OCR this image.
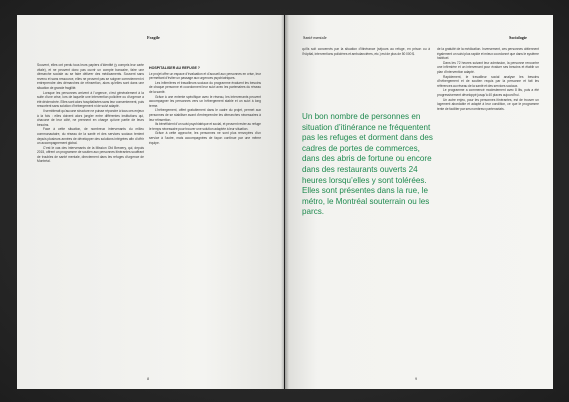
Fragile

Souvent, elles ont perdu tous leurs papiers d’identité (y compris leur carte vitale), et ne peuvent donc pas ouvrir un compte bancaire, faire une démarche sociale ou se faire délivrer des médicaments. Souvent sans revenu et sans ressource, elles ne peuvent pas se soigner correctement ni entreprendre des démarches de réinsertion, alors qu’elles sont dans une situation de grande fragilité.

Lorsque les personnes arrivent à l’urgence, c’est généralement à la suite d’une crise, lors de laquelle une intervention policière ou d’urgence a été déclenchée. Elles sont alors hospitalisées sans leur consentement, puis ressortent sans solution d’hébergement ni de suivi adapté.

Il semblerait qu’aucune structure ne puisse répondre à tous ces enjeux à la fois : elles doivent alors jongler entre différentes institutions qui, chacune de leur côté, ne prennent en charge qu’une partie de leurs besoins.

Face à cette situation, de nombreux intervenants du milieu communautaire, du réseau de la santé et des services sociaux tentent depuis plusieurs années de développer des solutions intégrées afin d’offrir un accompagnement global.

C’est le cas des intervenants de la Mission Old Brewery, qui, depuis 2015, offrent un programme de soutien aux personnes itinérantes souffrant de troubles de santé mentale, directement dans les refuges d’urgence de Montréal.

HOSPITALISER AU REFUGE ?

Le projet offre un espace d’évaluation et d’accueil aux personnes en crise, leur permettant d’éviter un passage aux urgences psychiatriques.

Les infirmières et travailleurs sociaux du programme évaluent les besoins de chaque personne et coordonnent leur suivi avec les partenaires du réseau de la santé.

Grâce à une entente spécifique avec le réseau, les intervenants peuvent accompagner les personnes vers un hébergement stable et un suivi à long terme.

L’hébergement, offert gratuitement dans le cadre du projet, permet aux personnes de se stabiliser avant d’entreprendre les démarches nécessaires à leur réinsertion.

Ils bénéficient d’un suivi psychiatrique et social, et peuvent rester au refuge le temps nécessaire pour trouver une solution adaptée à leur situation.

Grâce à cette approche, les personnes ne sont plus renvoyées d’un service à l’autre, mais accompagnées de façon continue par une même équipe.

8
Santé mentale	Sociologie

qu’ils soit concernés par la situation d’itinérance (séjours au refuge, en prison ou à l’hôpital, interventions policières et ambulancières, etc.) est de plus de 50 000 $.

Un bon nombre de personnes en situation d’itinérance ne fréquentent pas les refuges et dorment dans des cadres de portes de commerces, dans des abris de fortune ou encore dans des restaurants ouverts 24 heures lorsqu’elles y sont tolérées. Elles sont présentes dans la rue, le métro, le Montréal souterrain ou les parcs.

de la gratuité de la médication. Inversement, ces personnes obtiennent également un suivi plus rapide et mieux coordonné que dans le système habituel.

Dans les 72 heures suivant leur admission, la personne rencontre une infirmière et un intervenant pour évaluer ses besoins et établir un plan d’intervention adapté.

Rapidement, le travailleur social analyse les besoins d’hébergement et de soutien requis par la personne et fait les références au réseau de la santé et des services sociaux.

Le programme a commencé modestement avec 8 lits, puis a été progressivement développé jusqu’à 40 places aujourd’hui.

Un autre enjeu, pour les personnes itinérantes, est de trouver un logement abordable et adapté à leur condition, ce que le programme tente de faciliter par ses nombreux partenariats.

9
